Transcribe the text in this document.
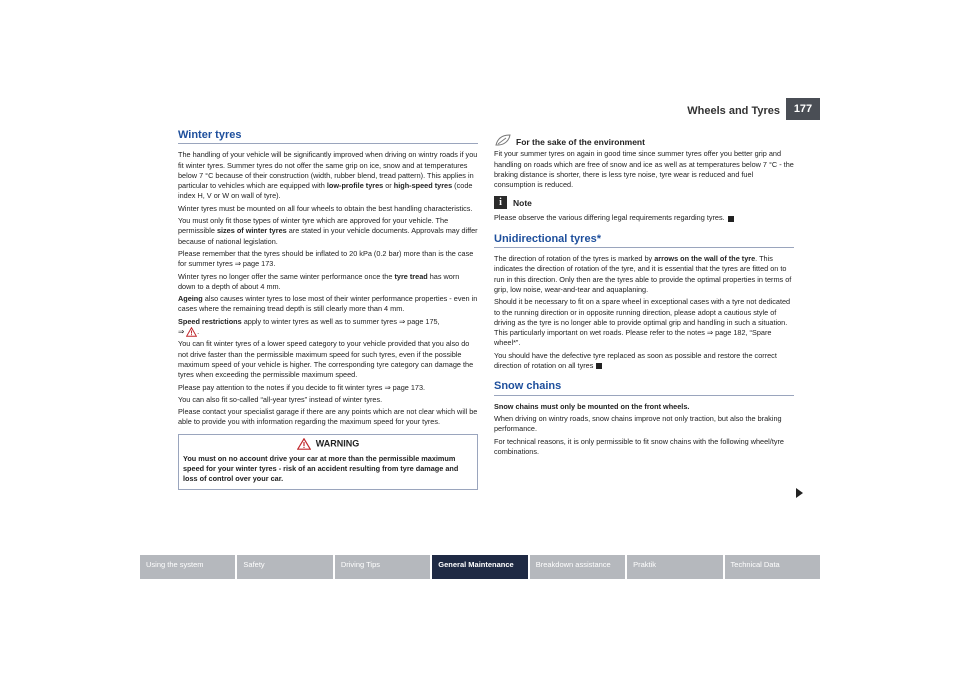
Wheels and Tyres	177
Winter tyres

The handling of your vehicle will be significantly improved when driving on wintry roads if you fit winter tyres. Summer tyres do not offer the same grip on ice, snow and at temperatures below 7 °C because of their construction (width, rubber blend, tread pattern). This applies in particular to vehicles which are equipped with low-profile tyres or high-speed tyres (code index H, V or W on wall of tyre).

Winter tyres must be mounted on all four wheels to obtain the best handling characteristics.

You must only fit those types of winter tyre which are approved for your vehicle. The permissible sizes of winter tyres are stated in your vehicle documents. Approvals may differ because of national legislation.

Please remember that the tyres should be inflated to 20 kPa (0.2 bar) more than is the case for summer tyres ⇒ page 173.

Winter tyres no longer offer the same winter performance once the tyre tread has worn down to a depth of about 4 mm.

Ageing also causes winter tyres to lose most of their winter performance properties - even in cases where the remaining tread depth is still clearly more than 4 mm.

Speed restrictions apply to winter tyres as well as to summer tyres ⇒ page 175,
⇒ .

You can fit winter tyres of a lower speed category to your vehicle provided that you also do not drive faster than the permissible maximum speed for such tyres, even if the possible maximum speed of your vehicle is higher. The corresponding tyre category can damage the tyres when exceeding the permissible maximum speed.

Please pay attention to the notes if you decide to fit winter tyres ⇒ page 173.

You can also fit so-called “all-year tyres” instead of winter tyres.

Please contact your specialist garage if there are any points which are not clear which will be able to provide you with information regarding the maximum speed for your tyres.

WARNING
You must on no account drive your car at more than the permissible maximum speed for your winter tyres - risk of an accident resulting from tyre damage and loss of control over your car.
For the sake of the environment

Fit your summer tyres on again in good time since summer tyres offer you better grip and handling on roads which are free of snow and ice as well as at temperatures below 7 °C - the braking distance is shorter, there is less tyre noise, tyre wear is reduced and fuel consumption is reduced.

i	Note

Please observe the various differing legal requirements regarding tyres.

Unidirectional tyres*

The direction of rotation of the tyres is marked by arrows on the wall of the tyre. This indicates the direction of rotation of the tyre, and it is essential that the tyres are fitted on to run in this direction. Only then are the tyres able to provide the optimal properties in terms of grip, low noise, wear-and-tear and aquaplaning.

Should it be necessary to fit on a spare wheel in exceptional cases with a tyre not dedicated to the running direction or in opposite running direction, please adopt a cautious style of driving as the tyre is no longer able to provide optimal grip and handling in such a situation. This particularly important on wet roads. Please refer to the notes ⇒ page 182, “Spare wheel*”.

You should have the defective tyre replaced as soon as possible and restore the correct direction of rotation on all tyres

Snow chains

Snow chains must only be mounted on the front wheels.

When driving on wintry roads, snow chains improve not only traction, but also the braking performance.

For technical reasons, it is only permissible to fit snow chains with the following wheel/tyre combinations.

Using the system	Safety	Driving Tips	General Maintenance	Breakdown assistance	Praktik	Technical Data
